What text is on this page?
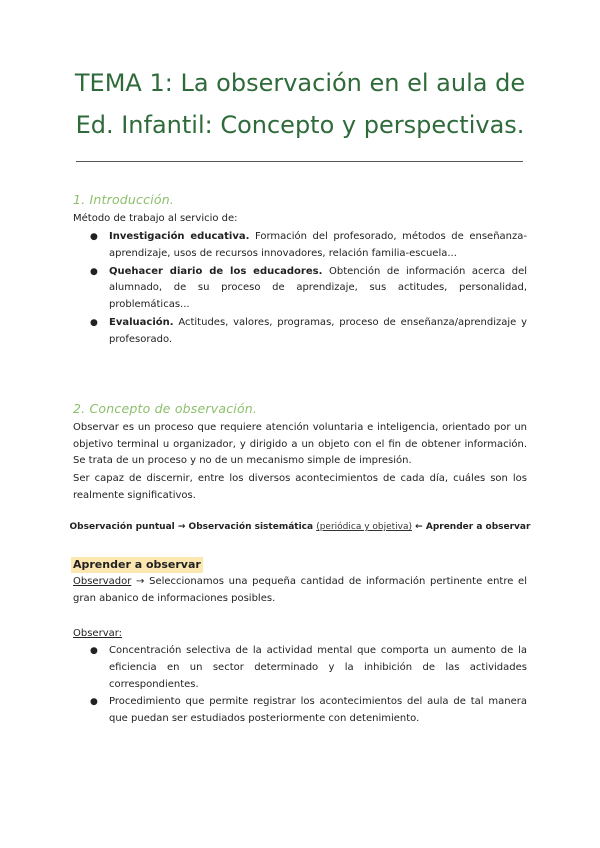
TEMA 1: La observación en el aula de
Ed. Infantil: Concepto y perspectivas.
1. Introducción.

Método de trabajo al servicio de:

● Investigación educativa. Formación del profesorado, métodos de enseñanza-aprendizaje, usos de recursos innovadores, relación familia-escuela...
● Quehacer diario de los educadores. Obtención de información acerca del alumnado, de su proceso de aprendizaje, sus actitudes, personalidad, problemáticas...
● Evaluación. Actitudes, valores, programas, proceso de enseñanza/aprendizaje y profesorado.
2. Concepto de observación.

Observar es un proceso que requiere atención voluntaria e inteligencia, orientado por un objetivo terminal u organizador, y dirigido a un objeto con el fin de obtener información. Se trata de un proceso y no de un mecanismo simple de impresión.

Ser capaz de discernir, entre los diversos acontecimientos de cada día, cuáles son los realmente significativos.

Observación puntual → Observación sistemática (periódica y objetiva) ← Aprender a observar

Aprender a observar

Observador → Seleccionamos una pequeña cantidad de información pertinente entre el gran abanico de informaciones posibles.

Observar:

● Concentración selectiva de la actividad mental que comporta un aumento de la eficiencia en un sector determinado y la inhibición de las actividades correspondientes.
● Procedimiento que permite registrar los acontecimientos del aula de tal manera que puedan ser estudiados posteriormente con detenimiento.
